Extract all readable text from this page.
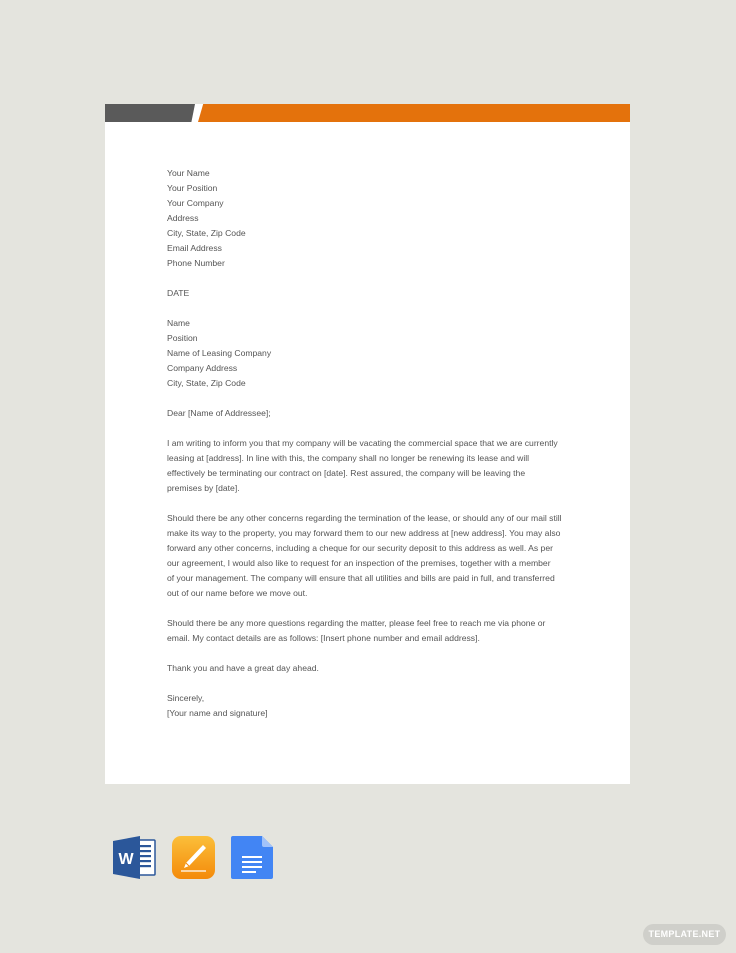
Your Name

Your Position

Your Company

Address

City, State, Zip Code

Email Address

Phone Number

DATE

Name

Position

Name of Leasing Company

Company Address

City, State, Zip Code

Dear [Name of Addressee];

I am writing to inform you that my company will be vacating the commercial space that we are currently

leasing at [address]. In line with this, the company shall no longer be renewing its lease and will

effectively be terminating our contract on [date]. Rest assured, the company will be leaving the

premises by [date].

Should there be any other concerns regarding the termination of the lease, or should any of our mail still

make its way to the property, you may forward them to our new address at [new address]. You may also

forward any other concerns, including a cheque for our security deposit to this address as well. As per

our agreement, I would also like to request for an inspection of the premises, together with a member

of your management. The company will ensure that all utilities and bills are paid in full, and transferred

out of our name before we move out.

Should there be any more questions regarding the matter, please feel free to reach me via phone or

email. My contact details are as follows: [Insert phone number and email address].

Thank you and have a great day ahead.

Sincerely,

[Your name and signature]

W
TEMPLATE.NET
